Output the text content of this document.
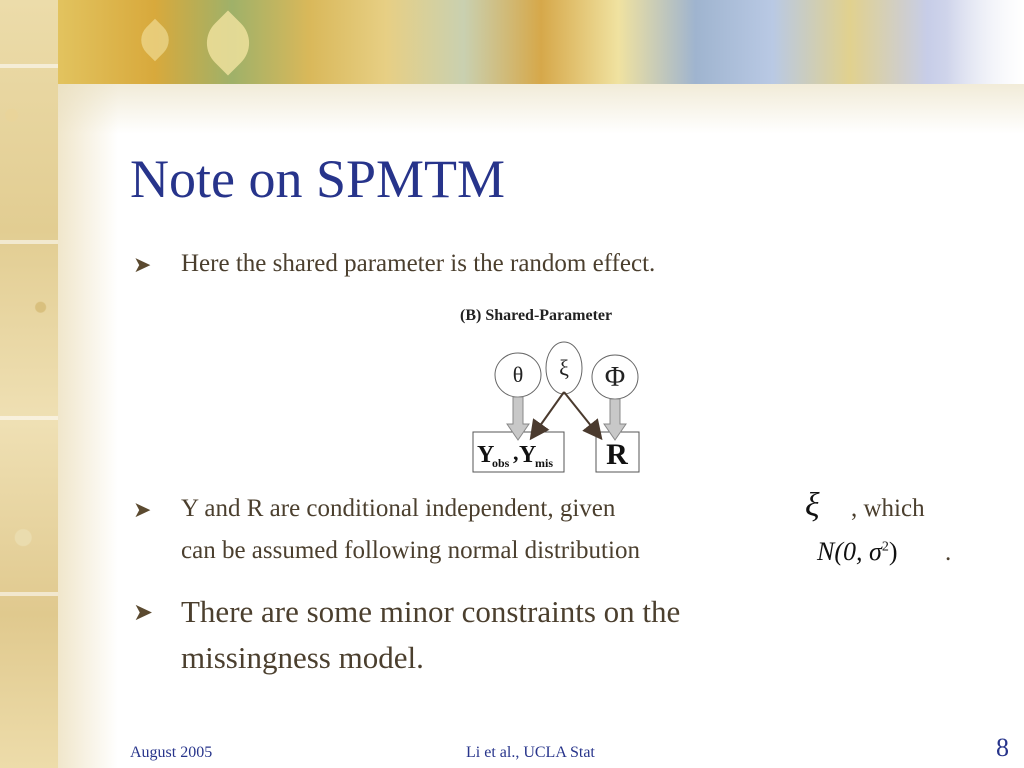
Note on SPMTM
➤ Here the shared parameter is the random effect.
(B) Shared-Parameter
θ ξ Φ
Y
obs , Y
mis R
➤ Y and R are conditional independent, given	, which
can be assumed following normal distribution
ξ
N(0, $\sigma^2$) .
➤ There are some minor constraints on the
missingness model.
August 2005	Li et al., UCLA Stat	8
